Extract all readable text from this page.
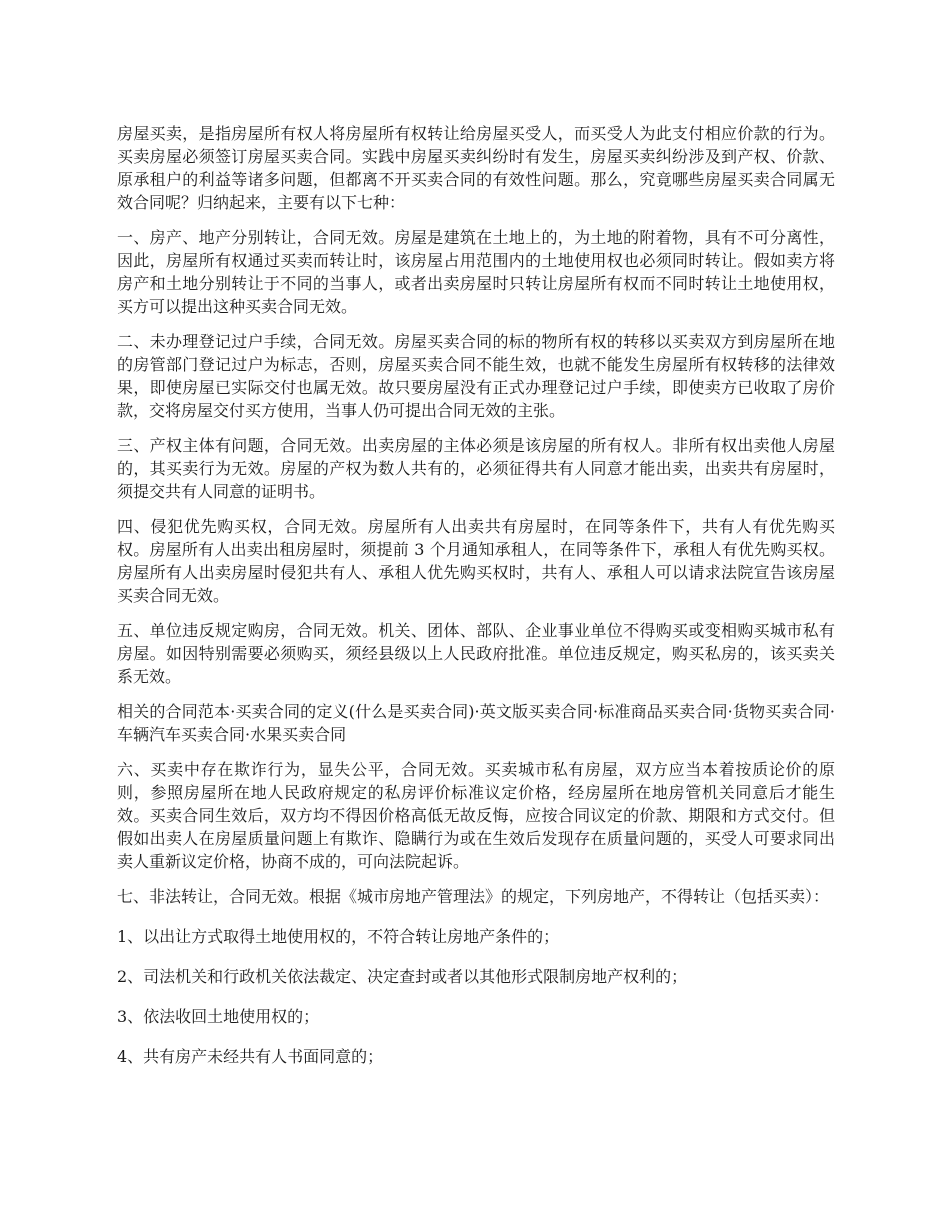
房屋买卖，是指房屋所有权人将房屋所有权转让给房屋买受人，而买受人为此支付相应价款的行为。买卖房屋必须签订房屋买卖合同。实践中房屋买卖纠纷时有发生，房屋买卖纠纷涉及到产权、价款、原承租户的利益等诸多问题，但都离不开买卖合同的有效性问题。那么，究竟哪些房屋买卖合同属无效合同呢？归纳起来，主要有以下七种：

一、房产、地产分别转让，合同无效。房屋是建筑在土地上的，为土地的附着物，具有不可分离性，因此，房屋所有权通过买卖而转让时，该房屋占用范围内的土地使用权也必须同时转让。假如卖方将房产和土地分别转让于不同的当事人，或者出卖房屋时只转让房屋所有权而不同时转让土地使用权，买方可以提出这种买卖合同无效。

二、未办理登记过户手续，合同无效。房屋买卖合同的标的物所有权的转移以买卖双方到房屋所在地的房管部门登记过户为标志，否则，房屋买卖合同不能生效，也就不能发生房屋所有权转移的法律效果，即使房屋已实际交付也属无效。故只要房屋没有正式办理登记过户手续，即使卖方已收取了房价款，交将房屋交付买方使用，当事人仍可提出合同无效的主张。

三、产权主体有问题，合同无效。出卖房屋的主体必须是该房屋的所有权人。非所有权出卖他人房屋的，其买卖行为无效。房屋的产权为数人共有的，必须征得共有人同意才能出卖，出卖共有房屋时，须提交共有人同意的证明书。

四、侵犯优先购买权，合同无效。房屋所有人出卖共有房屋时，在同等条件下，共有人有优先购买权。房屋所有人出卖出租房屋时，须提前 3 个月通知承租人，在同等条件下，承租人有优先购买权。房屋所有人出卖房屋时侵犯共有人、承租人优先购买权时，共有人、承租人可以请求法院宣告该房屋买卖合同无效。

五、单位违反规定购房，合同无效。机关、团体、部队、企业事业单位不得购买或变相购买城市私有房屋。如因特别需要必须购买，须经县级以上人民政府批准。单位违反规定，购买私房的，该买卖关系无效。

相关的合同范本·买卖合同的定义(什么是买卖合同)·英文版买卖合同·标准商品买卖合同·货物买卖合同·车辆汽车买卖合同·水果买卖合同

六、买卖中存在欺诈行为，显失公平，合同无效。买卖城市私有房屋，双方应当本着按质论价的原则，参照房屋所在地人民政府规定的私房评价标准议定价格，经房屋所在地房管机关同意后才能生效。买卖合同生效后，双方均不得因价格高低无故反悔，应按合同议定的价款、期限和方式交付。但假如出卖人在房屋质量问题上有欺诈、隐瞒行为或在生效后发现存在质量问题的，买受人可要求同出卖人重新议定价格，协商不成的，可向法院起诉。

七、非法转让，合同无效。根据《城市房地产管理法》的规定，下列房地产，不得转让（包括买卖）：

1、以出让方式取得土地使用权的，不符合转让房地产条件的；

2、司法机关和行政机关依法裁定、决定查封或者以其他形式限制房地产权利的；

3、依法收回土地使用权的；

4、共有房产未经共有人书面同意的；
